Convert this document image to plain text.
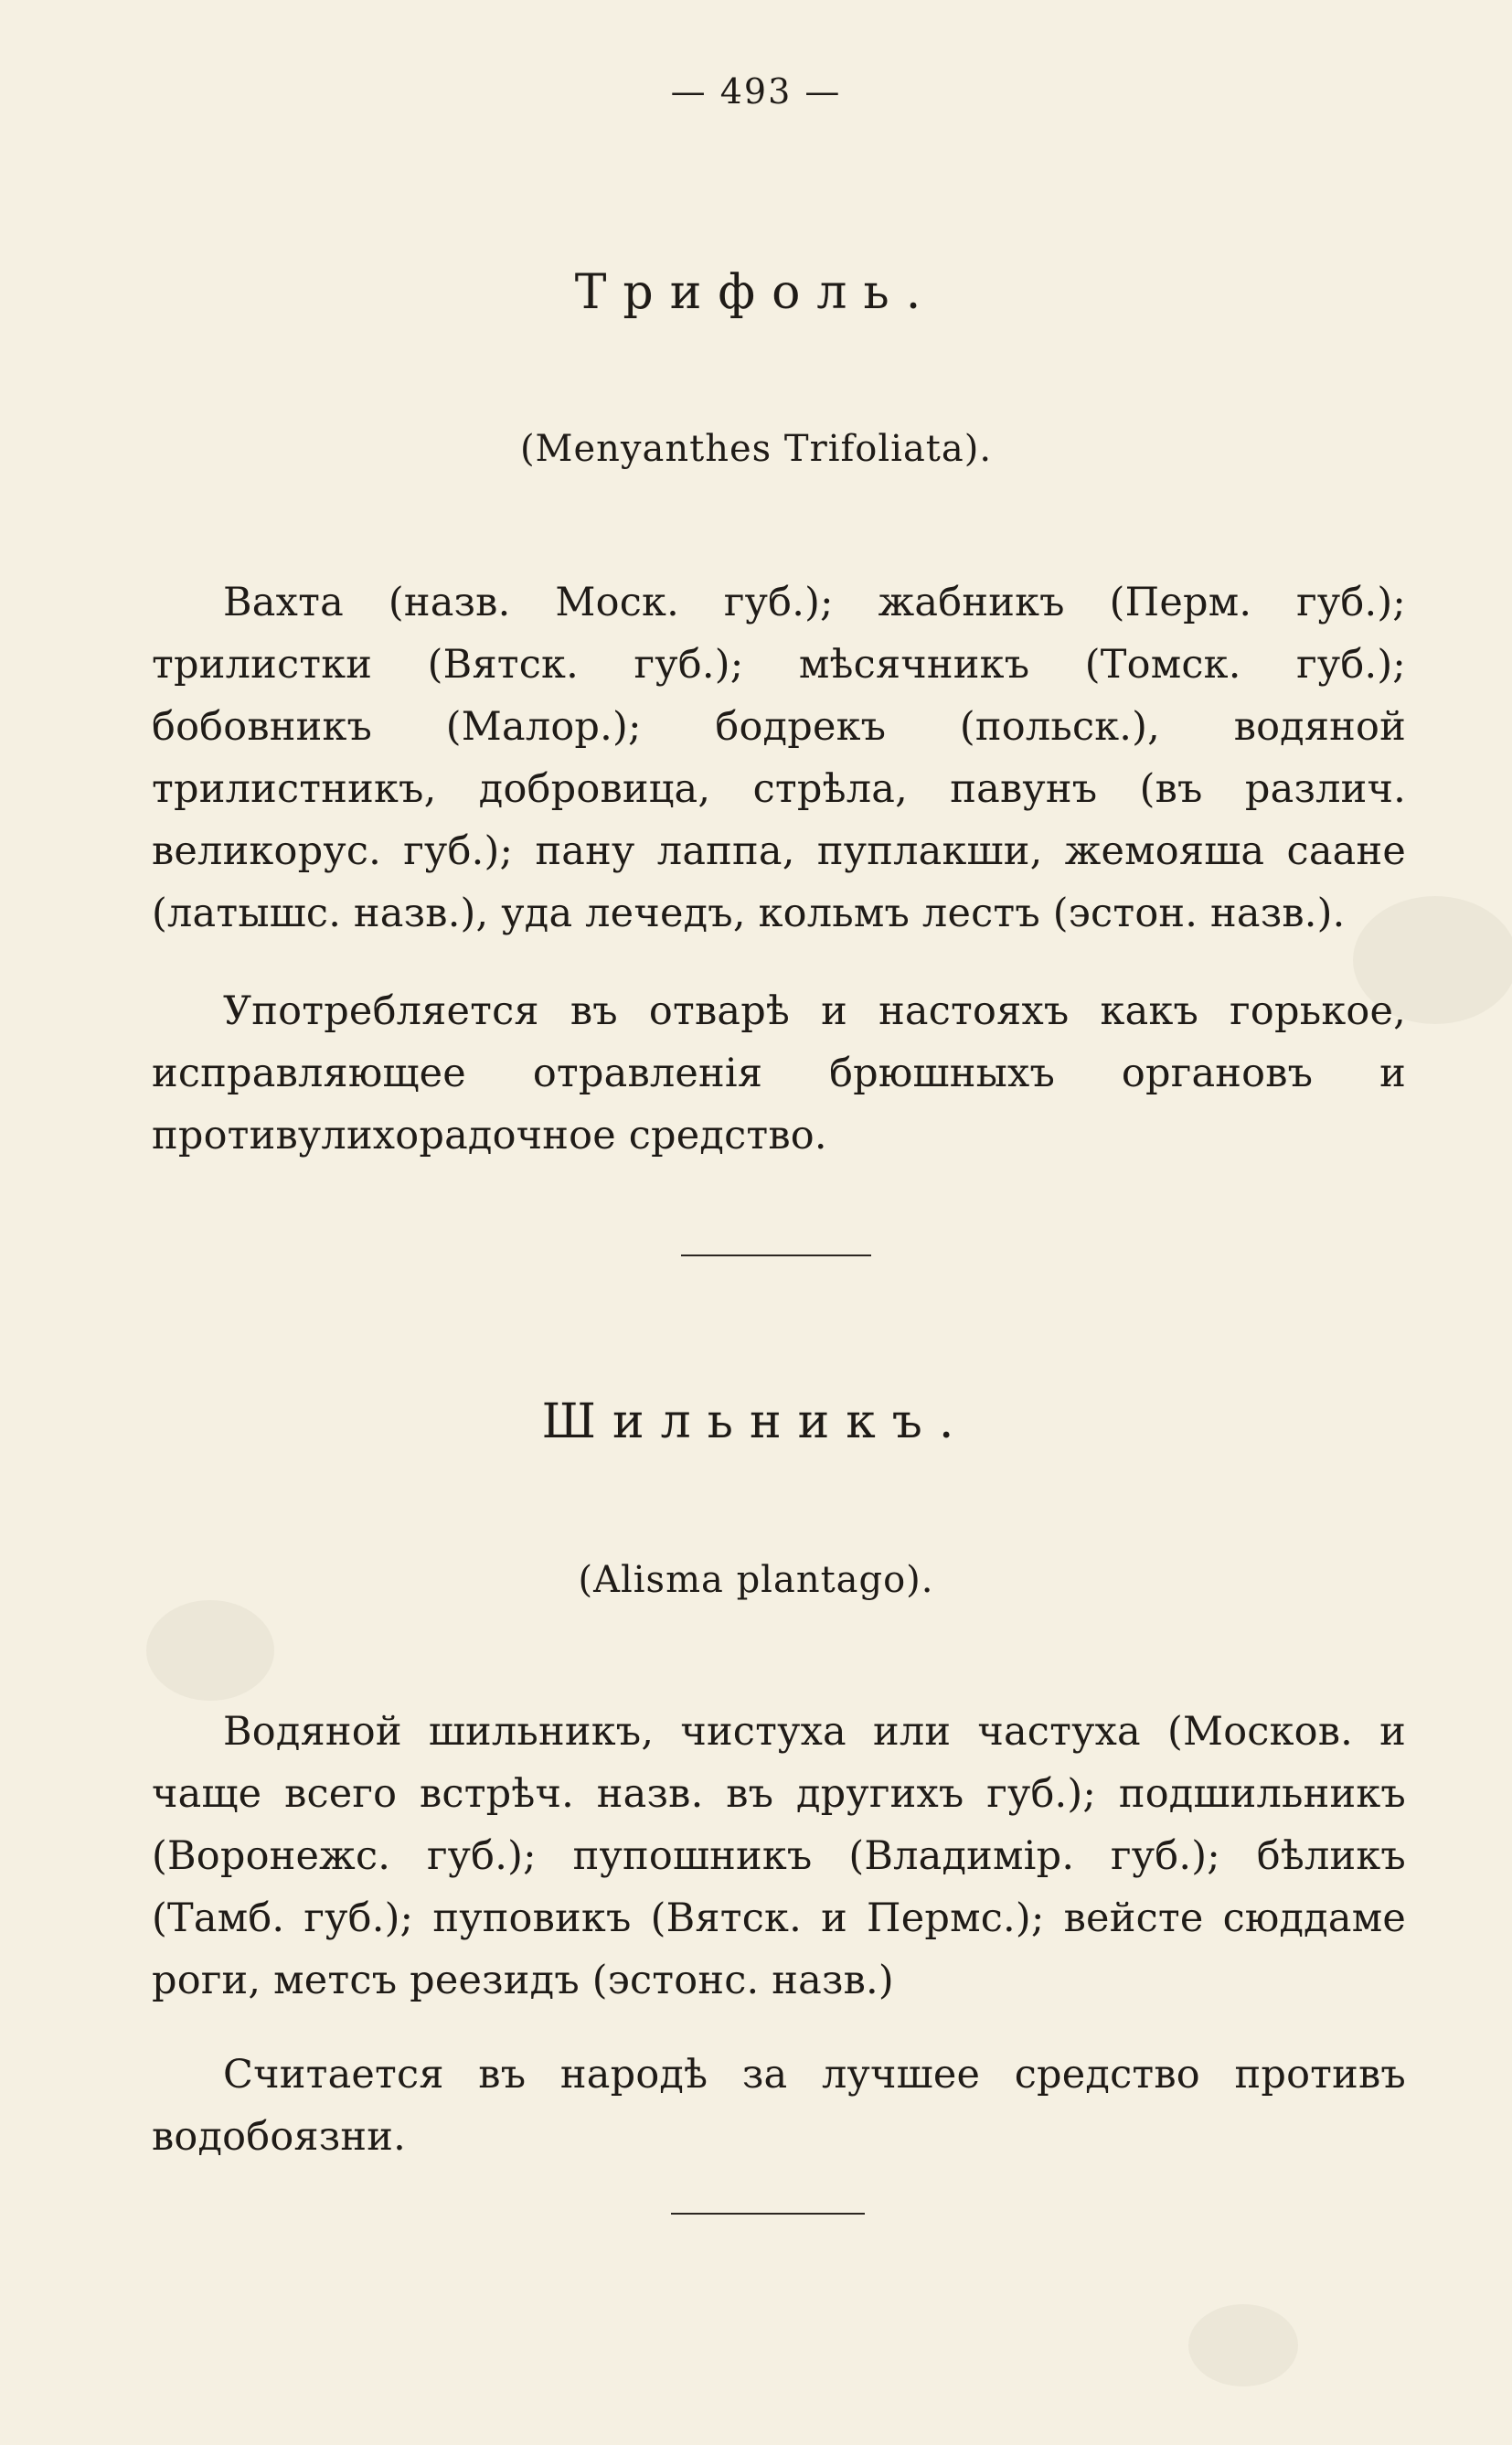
— 493 —
Трифоль.
(Menyanthes Trifoliata).
Вахта (назв. Моск. губ.); жабникъ (Перм. губ.); трилистки (Вятск. губ.); мѣсячникъ (Томск. губ.); бобовникъ (Малор.); бодрекъ (польск.), водяной трилистникъ, добровица, стрѣла, павунъ (въ различ. великорус. губ.); пану лаппа, пуплакши, жемояша саане (латышс. назв.), уда лечедъ, кольмъ лестъ (эстон. назв.).
Употребляется въ отварѣ и настояхъ какъ горькое, исправляющее отравленія брюшныхъ органовъ и противулихорадочное средство.
Шильникъ.
(Alisma plantago).
Водяной шильникъ, чистуха или частуха (Москов. и чаще всего встрѣч. назв. въ другихъ губ.); подшильникъ (Воронежс. губ.); пупошникъ (Владимір. губ.); бѣликъ (Тамб. губ.); пуповикъ (Вятск. и Пермс.); вейсте сюддаме роги, метсъ реезидъ (эстонс. назв.)
Считается въ народѣ за лучшее средство противъ водобоязни.
